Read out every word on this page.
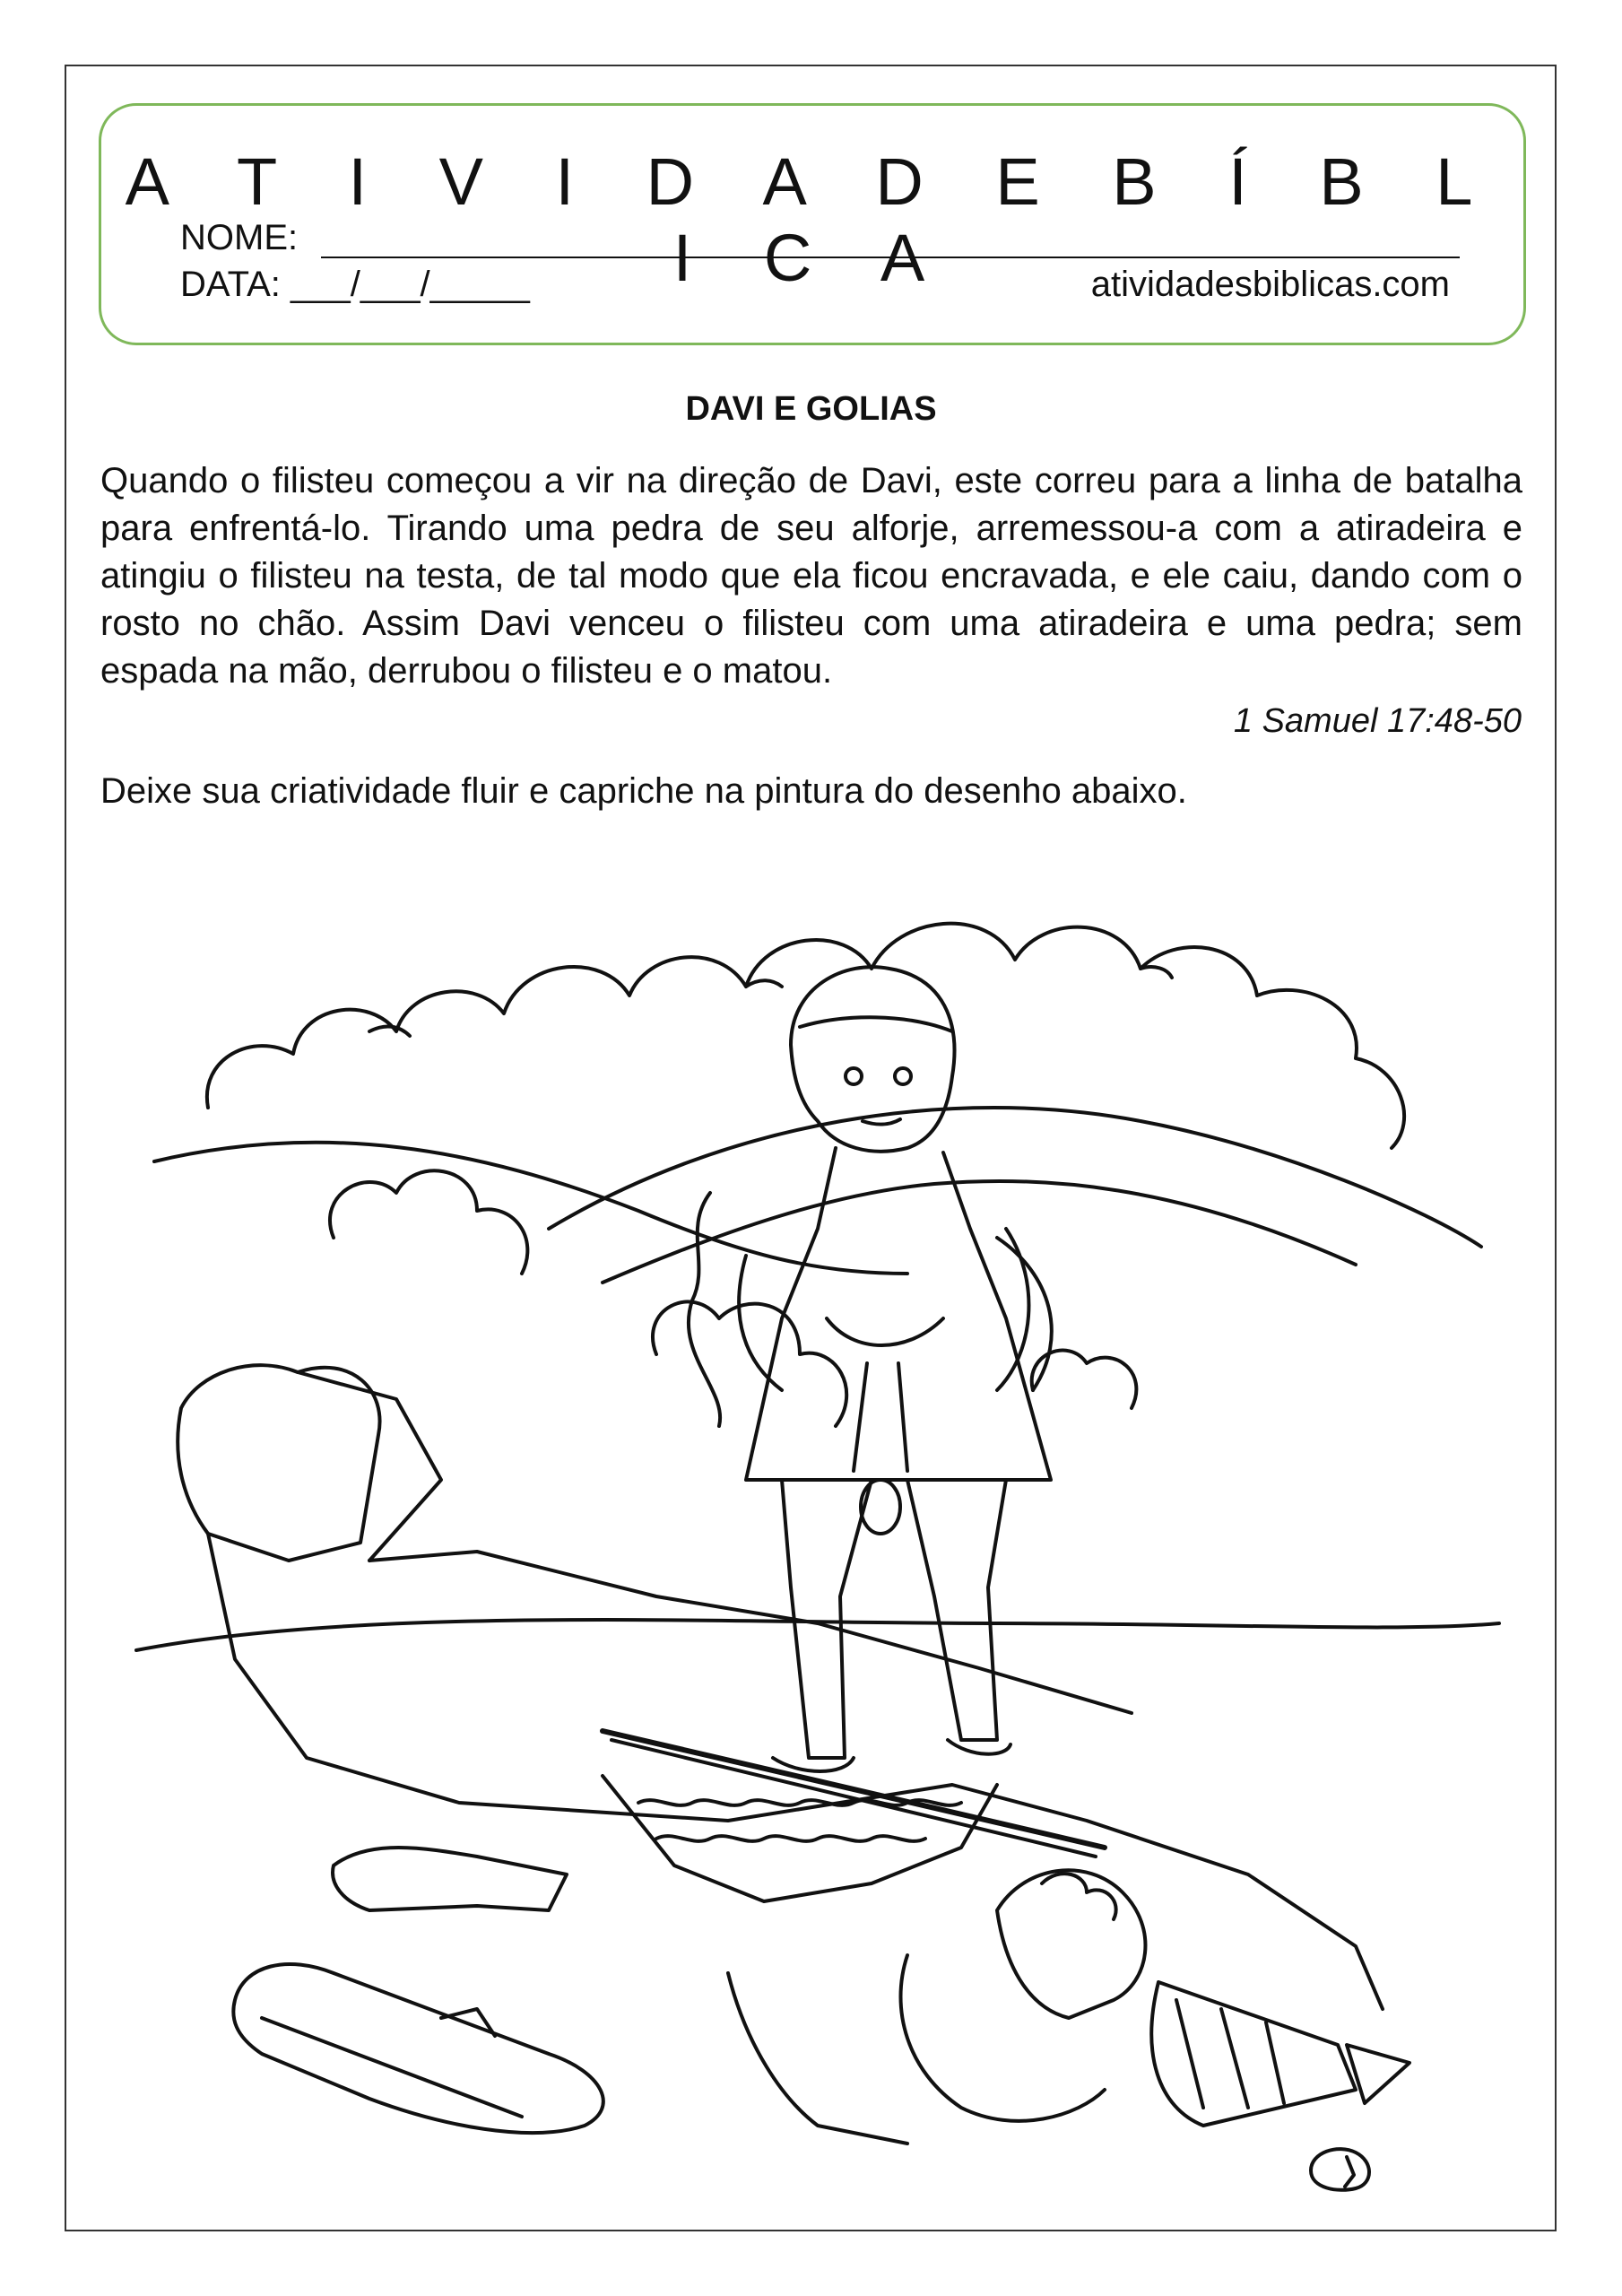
A T I V I D A D E B Í B L I C A
NOME:
DATA: ___/___/_____	atividadesbiblicas.com
DAVI E GOLIAS

Quando o filisteu começou a vir na direção de Davi, este correu para a linha de batalha para enfrentá-lo. Tirando uma pedra de seu alforje, arremessou-a com a atiradeira e atingiu o filisteu na testa, de tal modo que ela ficou encravada, e ele caiu, dando com o rosto no chão. Assim Davi venceu o filisteu com uma atiradeira e uma pedra; sem espada na mão, derrubou o filisteu e o matou.

1 Samuel 17:48-50
Deixe sua criatividade fluir e capriche na pintura do desenho abaixo.
